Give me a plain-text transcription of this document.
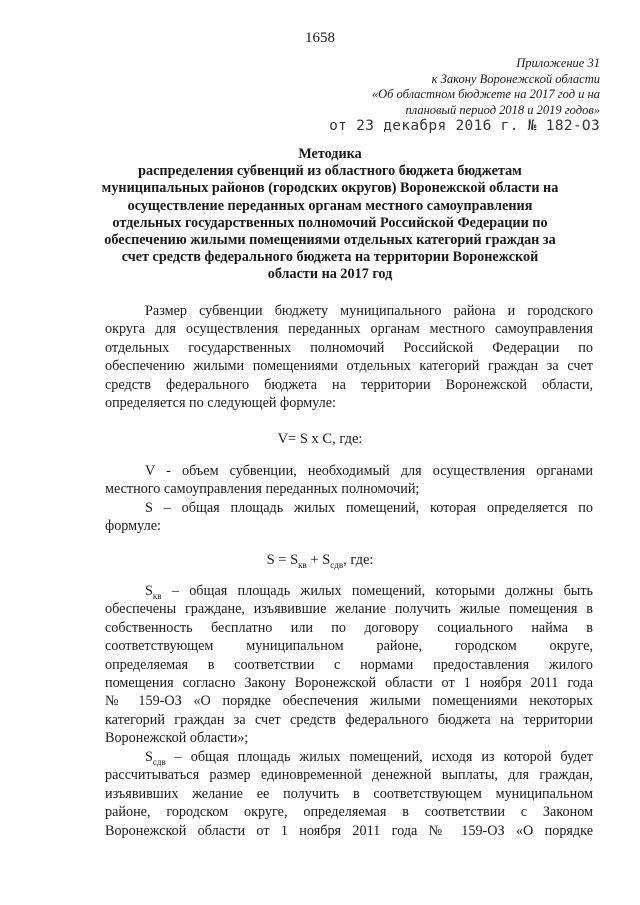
1658
Приложение 31
к Закону Воронежской области
«Об областном бюджете на 2017 год и на
плановый период 2018 и 2019 годов»
от 23 декабря 2016 г. № 182-ОЗ
Методика
распределения субвенций из областного бюджета бюджетам
муниципальных районов (городских округов) Воронежской области на
осуществление переданных органам местного самоуправления
отдельных государственных полномочий Российской Федерации по
обеспечению жилыми помещениями отдельных категорий граждан за
счет средств федерального бюджета на территории Воронежской
области на 2017 год
Размер субвенции бюджету муниципального района и городского
округа для осуществления переданных органам местного самоуправления
отдельных государственных полномочий Российской Федерации по
обеспечению жилыми помещениями отдельных категорий граждан за счет
средств федерального бюджета на территории Воронежской области,
определяется по следующей формуле:
V= S x C, где:
V - объем субвенции, необходимый для осуществления органами
местного самоуправления переданных полномочий;
S – общая площадь жилых помещений, которая определяется по
формуле:
$S = S_{кв} + S_{сдв}$, где:
$S_{кв}$ – общая площадь жилых помещений, которыми должны быть
обеспечены граждане, изъявившие желание получить жилые помещения в
собственность бесплатно или по договору социального найма в
соответствующем муниципальном районе, городском округе,
определяемая в соответствии с нормами предоставления жилого
помещения согласно Закону Воронежской области от 1 ноября 2011 года
№ 159-ОЗ «О порядке обеспечения жилыми помещениями некоторых
категорий граждан за счет средств федерального бюджета на территории
Воронежской области»;
$S_{сдв}$ – общая площадь жилых помещений, исходя из которой будет
рассчитываться размер единовременной денежной выплаты, для граждан,
изъявивших желание ее получить в соответствующем муниципальном
районе, городском округе, определяемая в соответствии с Законом
Воронежской области от 1 ноября 2011 года № 159-ОЗ «О порядке
